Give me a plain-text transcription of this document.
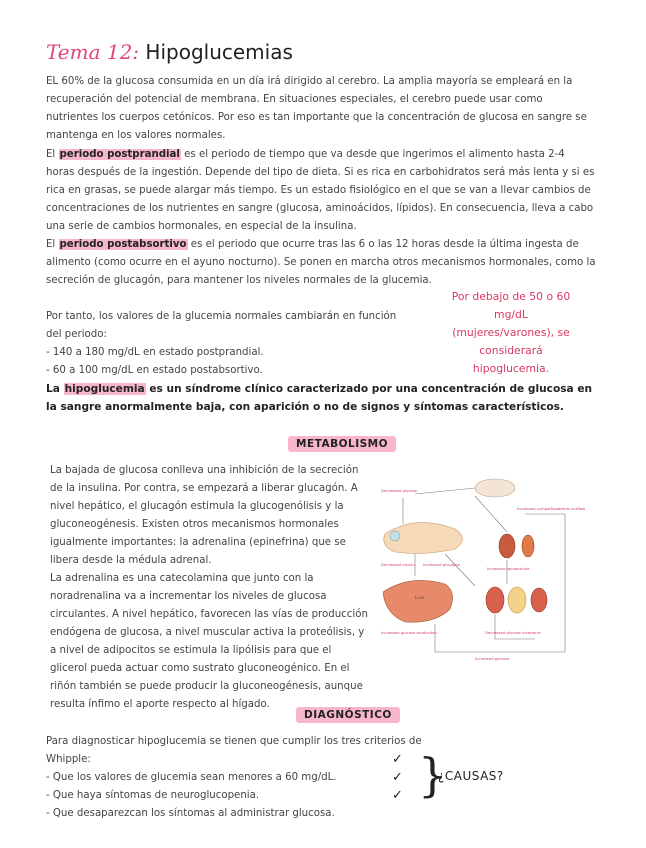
Tema 12: Hipoglucemias
EL 60% de la glucosa consumida en un día irá dirigido al cerebro. La amplia mayoría se empleará en la recuperación del potencial de membrana. En situaciones especiales, el cerebro puede usar como nutrientes los cuerpos cetónicos. Por eso es tan importante que la concentración de glucosa en sangre se mantenga en los valores normales.
El periodo postprandial es el periodo de tiempo que va desde que ingerimos el alimento hasta 2-4 horas después de la ingestión. Depende del tipo de dieta. Si es rica en carbohidratos será más lenta y si es rica en grasas, se puede alargar más tiempo. Es un estado fisiológico en el que se van a llevar cambios de concentraciones de los nutrientes en sangre (glucosa, aminoácidos, lípidos). En consecuencia, lleva a cabo una serie de cambios hormonales, en especial de la insulina.
El periodo postabsortivo es el periodo que ocurre tras las 6 o las 12 horas desde la última ingesta de alimento (como ocurre en el ayuno nocturno). Se ponen en marcha otros mecanismos hormonales, como la secreción de glucagón, para mantener los niveles normales de la glucemia.
Por tanto, los valores de la glucemia normales cambiarán en función del periodo:
- 140 a 180 mg/dL en estado postprandial.
- 60 a 100 mg/dL en estado postabsortivo.
Por debajo de 50 o 60 mg/dL (mujeres/varones), se considerará hipoglucemia.
La hipoglucemia es un síndrome clínico caracterizado por una concentración de glucosa en la sangre anormalmente baja, con aparición o no de signos y síntomas característicos.
METABOLISMO
La bajada de glucosa conlleva una inhibición de la secreción de la insulina. Por contra, se empezará a liberar glucagón. A nivel hepático, el glucagón estimula la glucogenólisis y la gluconeogénesis. Existen otros mecanismos hormonales igualmente importantes: la adrenalina (epinefrina) que se libera desde la médula adrenal.
La adrenalina es una catecolamina que junto con la noradrenalina va a incrementar los niveles de glucosa circulantes. A nivel hepático, favorecen las vías de producción endógena de glucosa, a nivel muscular activa la proteólisis, y a nivel de adipocitos se estimula la lipólisis para que el glicerol pueda actuar como sustrato gluconeogénico. En el riñón también se puede producir la gluconeogénesis, aunque resulta ínfimo el aporte respecto al hígado.
Decreased glucose
Decreased insulin Increased glucagon
Increased epinephrine
Increased sympathoadrenal outflow
Increased glucose production	Decreased glucose clearance
Increased glucose
Liver
DIAGNÓSTICO
Para diagnosticar hipoglucemia se tienen que cumplir los tres criterios de Whipple:
- Que los valores de glucemia sean menores a 60 mg/dL.
- Que haya síntomas de neuroglucopenia.
- Que desaparezcan los síntomas al administrar glucosa.
✓
✓
✓ }
¿CAUSAS?
